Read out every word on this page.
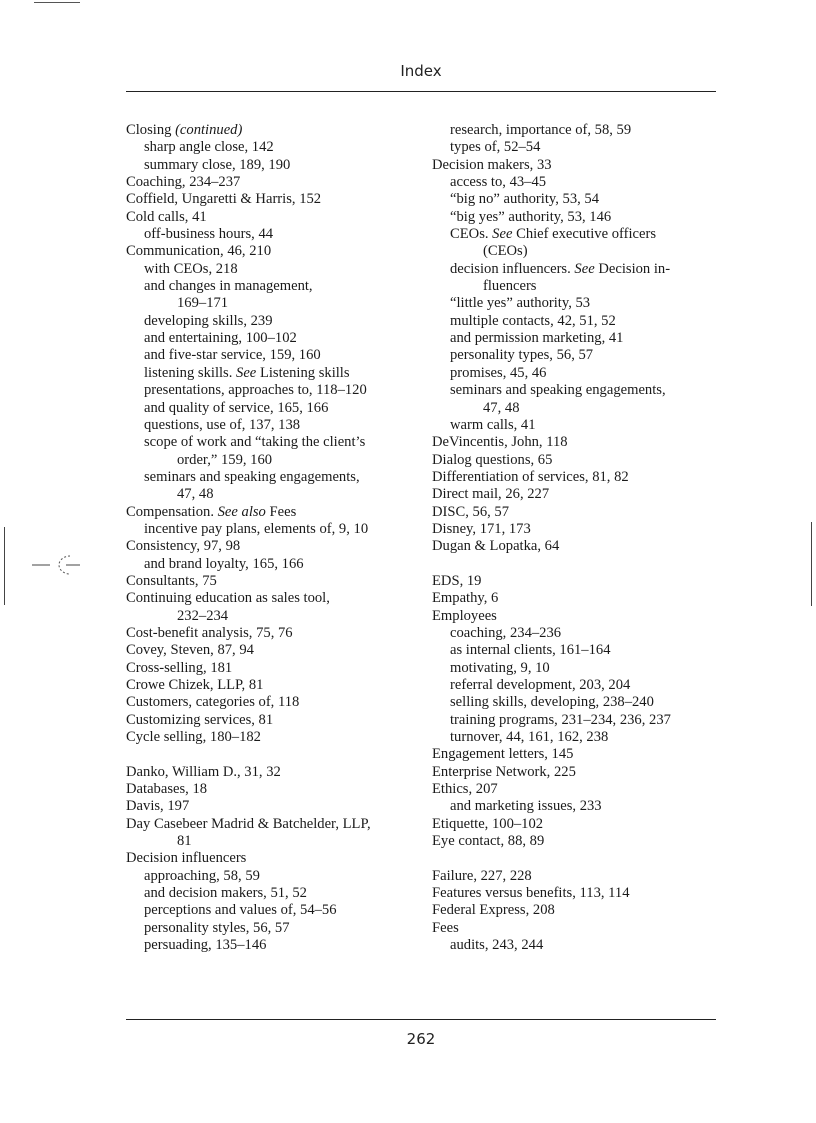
Index
Closing (continued)
sharp angle close, 142
summary close, 189, 190
Coaching, 234–237
Coffield, Ungaretti & Harris, 152
Cold calls, 41
off-business hours, 44
Communication, 46, 210
with CEOs, 218
and changes in management,
169–171
developing skills, 239
and entertaining, 100–102
and five-star service, 159, 160
listening skills. See Listening skills
presentations, approaches to, 118–120
and quality of service, 165, 166
questions, use of, 137, 138
scope of work and “taking the client’s
order,” 159, 160
seminars and speaking engagements,
47, 48
Compensation. See also Fees
incentive pay plans, elements of, 9, 10
Consistency, 97, 98
and brand loyalty, 165, 166
Consultants, 75
Continuing education as sales tool,
232–234
Cost-benefit analysis, 75, 76
Covey, Steven, 87, 94
Cross-selling, 181
Crowe Chizek, LLP, 81
Customers, categories of, 118
Customizing services, 81
Cycle selling, 180–182
Danko, William D., 31, 32
Databases, 18
Davis, 197
Day Casebeer Madrid & Batchelder, LLP,
81
Decision influencers
approaching, 58, 59
and decision makers, 51, 52
perceptions and values of, 54–56
personality styles, 56, 57
persuading, 135–146
research, importance of, 58, 59
types of, 52–54
Decision makers, 33
access to, 43–45
“big no” authority, 53, 54
“big yes” authority, 53, 146
CEOs. See Chief executive officers
(CEOs)
decision influencers. See Decision in-
fluencers
“little yes” authority, 53
multiple contacts, 42, 51, 52
and permission marketing, 41
personality types, 56, 57
promises, 45, 46
seminars and speaking engagements,
47, 48
warm calls, 41
DeVincentis, John, 118
Dialog questions, 65
Differentiation of services, 81, 82
Direct mail, 26, 227
DISC, 56, 57
Disney, 171, 173
Dugan & Lopatka, 64
EDS, 19
Empathy, 6
Employees
coaching, 234–236
as internal clients, 161–164
motivating, 9, 10
referral development, 203, 204
selling skills, developing, 238–240
training programs, 231–234, 236, 237
turnover, 44, 161, 162, 238
Engagement letters, 145
Enterprise Network, 225
Ethics, 207
and marketing issues, 233
Etiquette, 100–102
Eye contact, 88, 89
Failure, 227, 228
Features versus benefits, 113, 114
Federal Express, 208
Fees
audits, 243, 244
262
